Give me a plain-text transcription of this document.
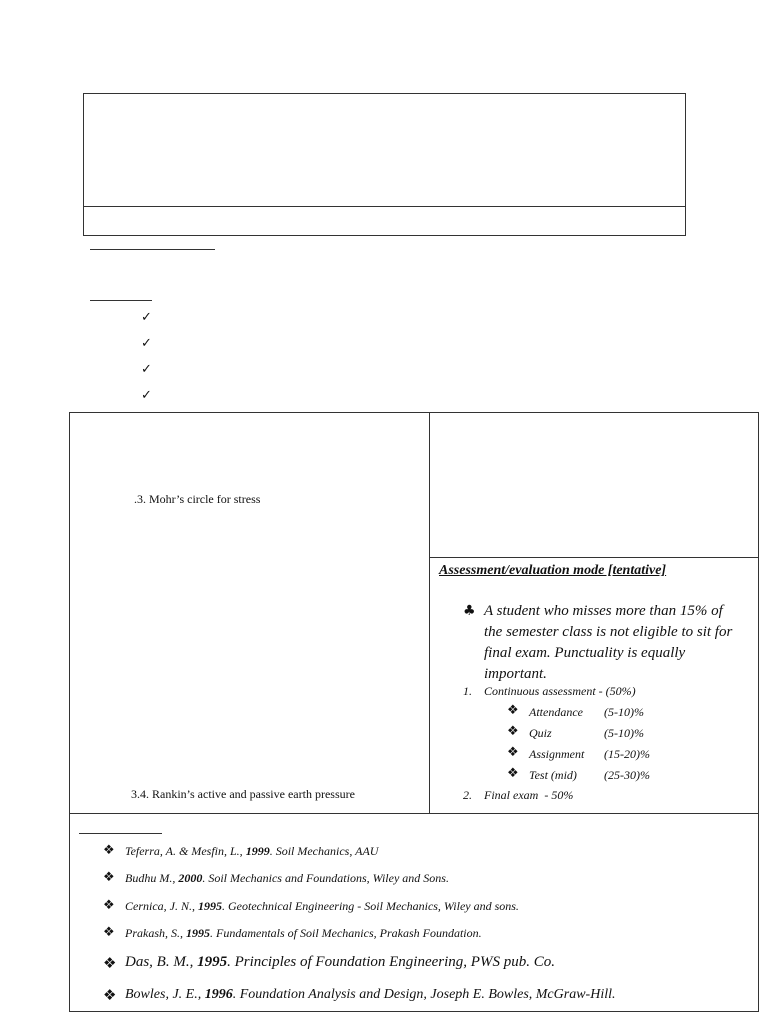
✓
✓
✓
✓
.3. Mohr’s circle for stress
3.4. Rankin’s active and passive earth pressure
Assessment/evaluation mode [tentative]
♣ A student who misses more than 15% of
the semester class is not eligible to sit for
final exam. Punctuality is equally
important.
1. Continuous assessment - (50%)
❖ Attendance (5-10)%
❖ Quiz	(5-10)%
❖ Assignment (15-20)%
❖ Test (mid) (25-30)%
2. Final exam  - 50%
❖ Teferra, A. & Mesfin, L., 1999. Soil Mechanics, AAU
❖ Budhu M., 2000. Soil Mechanics and Foundations, Wiley and Sons.
❖ Cernica, J. N., 1995. Geotechnical Engineering - Soil Mechanics, Wiley and sons.
❖ Prakash, S., 1995. Fundamentals of Soil Mechanics, Prakash Foundation.
❖ Das, B. M., 1995. Principles of Foundation Engineering, PWS pub. Co.
❖ Bowles, J. E., 1996. Foundation Analysis and Design, Joseph E. Bowles, McGraw-Hill.
